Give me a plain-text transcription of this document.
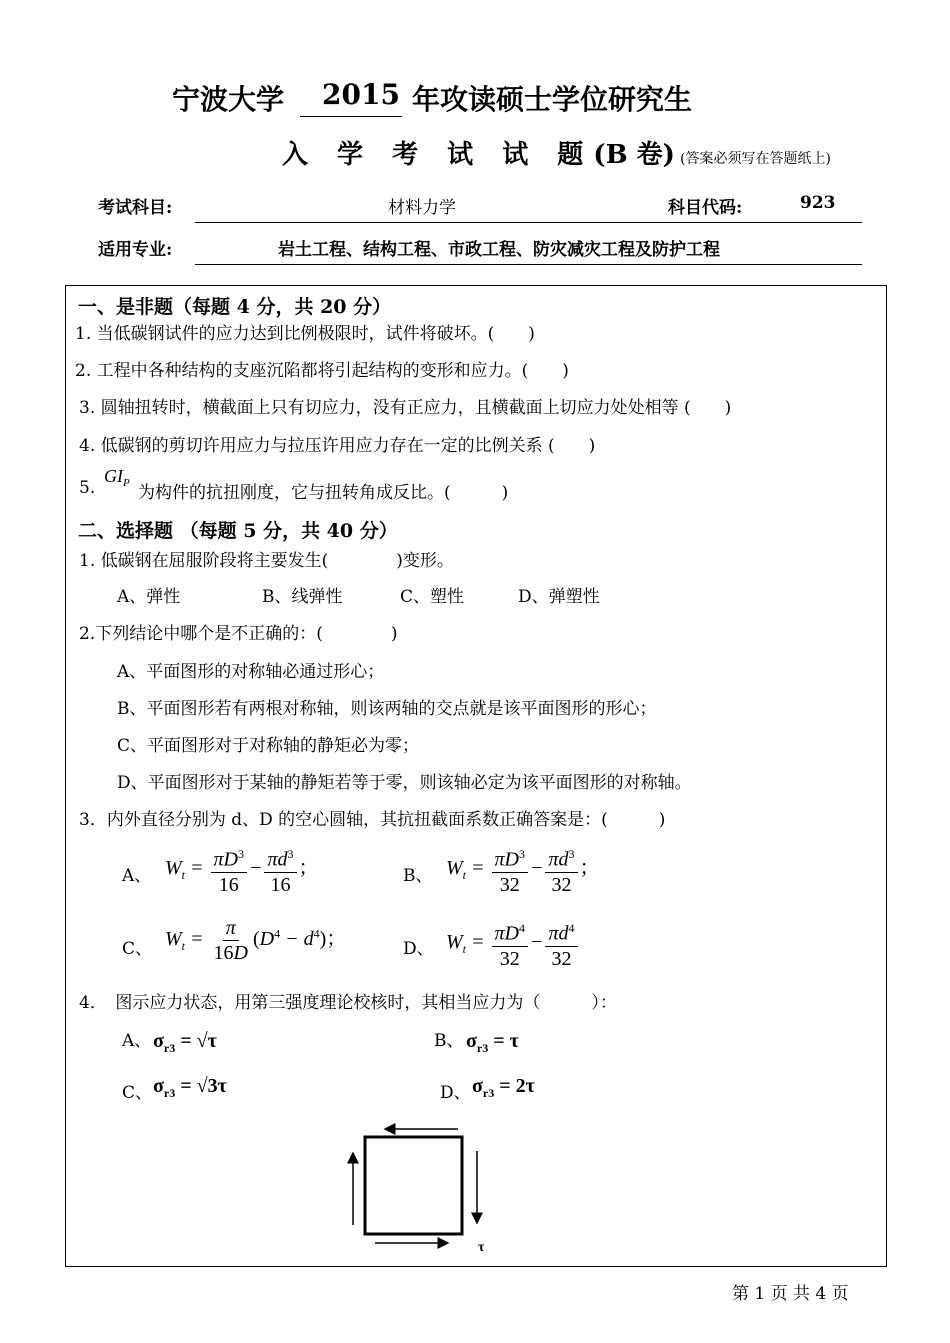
宁波大学 2015 年攻读硕士学位研究生
入 学 考 试 试 题(B 卷) (答案必须写在答题纸上)
考试科目:	材料力学	科目代码:	923
适用专业:	岩土工程、结构工程、市政工程、防灾减灾工程及防护工程
一、是非题（每题 4 分，共 20 分）
1. 当低碳钢试件的应力达到比例极限时，试件将破坏。(　　)
2. 工程中各种结构的支座沉陷都将引起结构的变形和应力。(　　)
3. 圆轴扭转时，横截面上只有切应力，没有正应力，且横截面上切应力处处相等 (　　)
4. 低碳钢的剪切许用应力与拉压许用应力存在一定的比例关系 (　　)
5.
$GI_P$ 为构件的抗扭刚度，它与扭转角成反比。(　　　)
二、选择题 （每题 5 分，共 40 分）
1. 低碳钢在屈服阶段将主要发生(　　　　)变形。
A、弹性	B、线弹性	C、塑性	D、弹塑性
2.下列结论中哪个是不正确的：(　　　　)
A、平面图形的对称轴必通过形心；
B、平面图形若有两根对称轴，则该两轴的交点就是该平面图形的形心；
C、平面图形对于对称轴的静矩必为零；
D、平面图形对于某轴的静矩若等于零，则该轴必定为该平面图形的对称轴。
3．内外直径分别为 d、D 的空心圆轴，其抗扭截面系数正确答案是：(　　　)
A、 $W_t = \frac{\pi D^3}{16} - \frac{\pi d^3}{16}$ ；	B、 $W_t = \frac{\pi D^3}{32} - \frac{\pi d^3}{32}$ ；
C、 $W_t = \frac{\pi}{16D} (D^4 - d^4)$；	D、 $W_t = \frac{\pi D^4}{32} - \frac{\pi d^4}{32}$
4．　图示应力状态，用第三强度理论校核时，其相当应力为（　　　）：
A、 $\sigma_{r3} = √\tau$	B、 $\sigma_{r3} = \tau$
C、 $\sigma_{r3} = √3\tau$	D、 $\sigma_{r3} = 2\tau$
τ
第 1 页 共 4 页
